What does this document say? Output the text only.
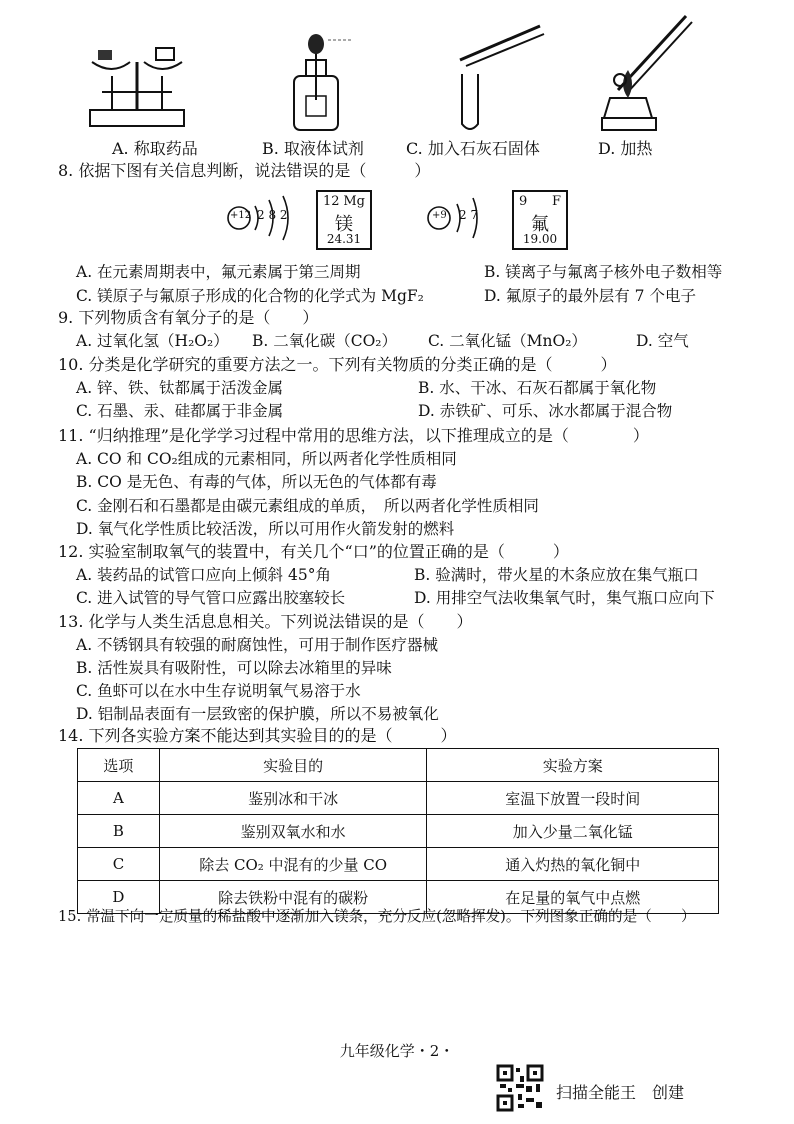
A. 称取药品	B. 取液体试剂	C. 加入石灰石固体	D. 加热
8. 依据下图有关信息判断，说法错误的是（　　　）
+12 2 8 2
12 Mg
镁
24.31
+9 2 7
9 F
氟
19.00
A. 在元素周期表中，氟元素属于第三周期	B. 镁离子与氟离子核外电子数相等
C. 镁原子与氟原子形成的化合物的化学式为 MgF₂	D. 氟原子的最外层有 7 个电子
9. 下列物质含有氧分子的是（　　）
A. 过氧化氢（H₂O₂） B. 二氧化碳（CO₂） C. 二氧化锰（MnO₂）	D. 空气
10. 分类是化学研究的重要方法之一。下列有关物质的分类正确的是（　　　）
A. 锌、铁、钛都属于活泼金属	B. 水、干冰、石灰石都属于氧化物
C. 石墨、汞、硅都属于非金属	D. 赤铁矿、可乐、冰水都属于混合物
11. “归纳推理”是化学学习过程中常用的思维方法，以下推理成立的是（　　　　）
A. CO 和 CO₂组成的元素相同，所以两者化学性质相同
B. CO 是无色、有毒的气体，所以无色的气体都有毒
C. 金刚石和石墨都是由碳元素组成的单质，　所以两者化学性质相同
D. 氧气化学性质比较活泼，所以可用作火箭发射的燃料
12. 实验室制取氧气的装置中，有关几个“口”的位置正确的是（　　　）
A. 装药品的试管口应向上倾斜 45°角	B. 验满时，带火星的木条应放在集气瓶口
C. 进入试管的导气管口应露出胶塞较长	D. 用排空气法收集氧气时，集气瓶口应向下
13. 化学与人类生活息息相关。下列说法错误的是（　　）
A. 不锈钢具有较强的耐腐蚀性，可用于制作医疗器械
B. 活性炭具有吸附性，可以除去冰箱里的异味
C. 鱼虾可以在水中生存说明氧气易溶于水
D. 铝制品表面有一层致密的保护膜，所以不易被氧化
14. 下列各实验方案不能达到其实验目的的是（　　　）
选项	实验目的	实验方案
A	鉴别冰和干冰	室温下放置一段时间
B	鉴别双氧水和水	加入少量二氧化锰
C	除去 CO₂ 中混有的少量 CO	通入灼热的氧化铜中
D	除去铁粉中混有的碳粉	在足量的氧气中点燃
15. 常温下向一定质量的稀盐酸中逐渐加入镁条，充分反应(忽略挥发)。下列图象正确的是（　　）
九年级化学・2・
扫描全能王　创建
